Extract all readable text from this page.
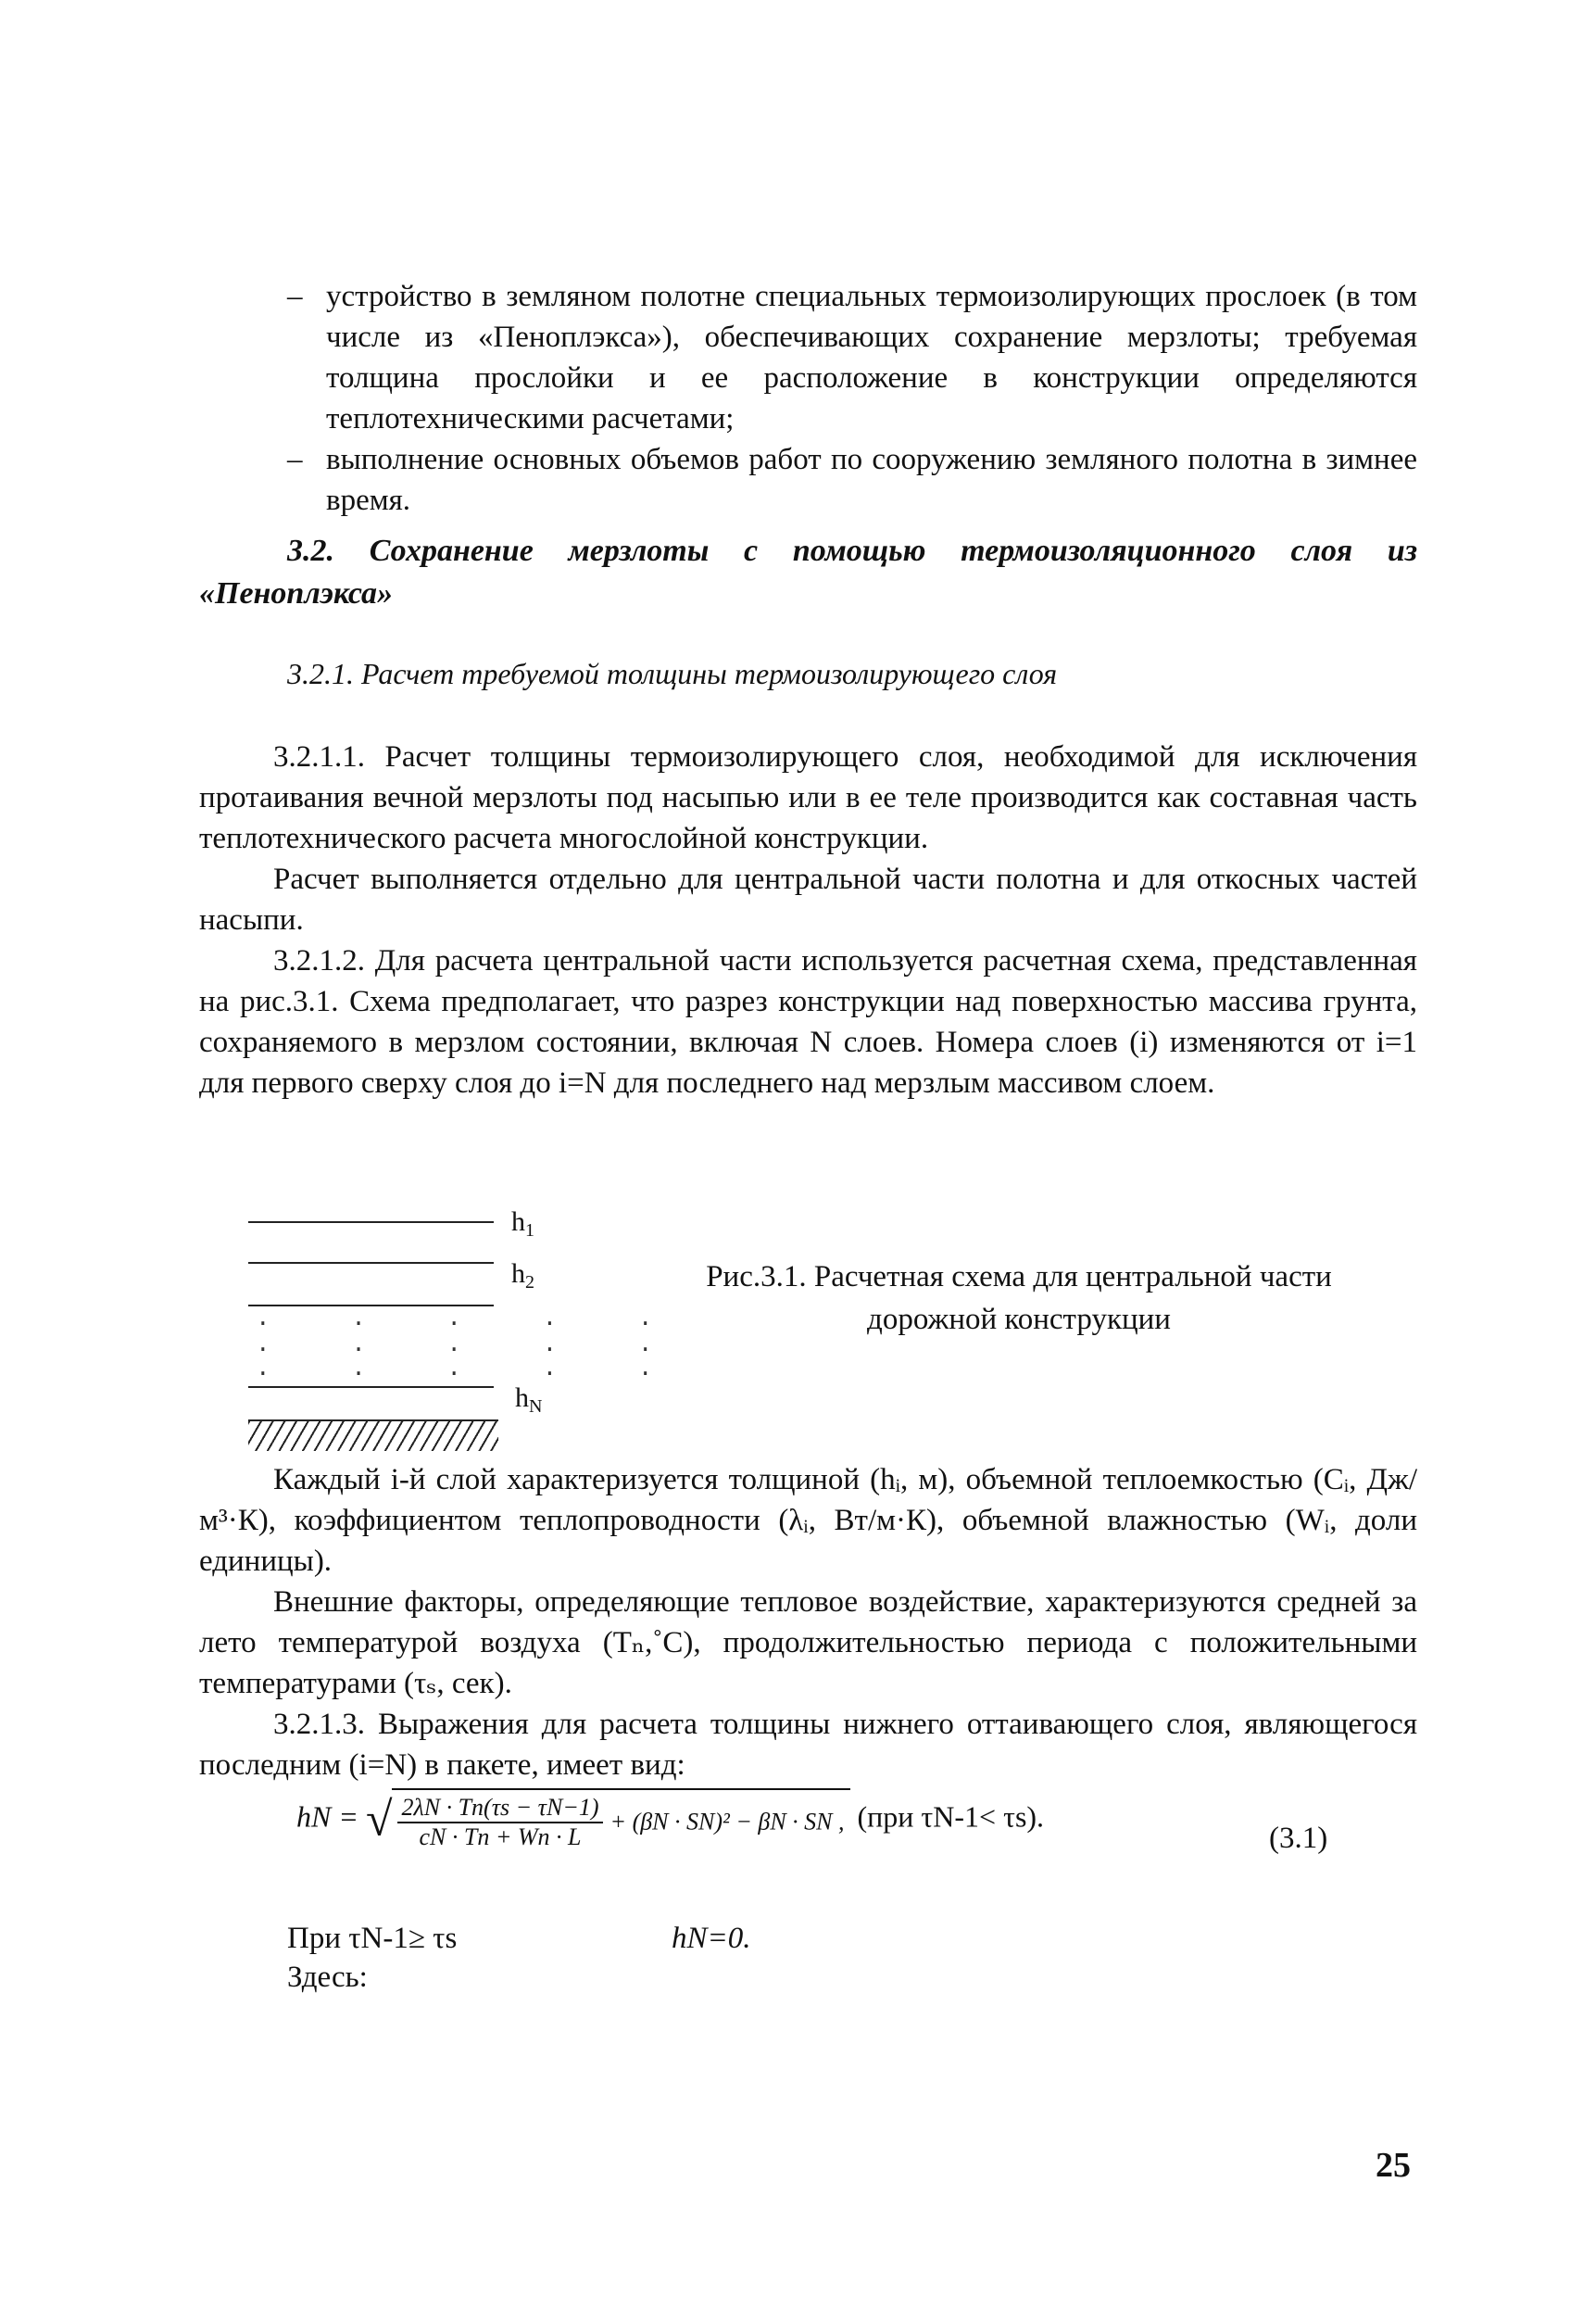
– устройство в земляном полотне специальных термоизолирующих прослоек (в том числе из «Пеноплэкса»), обеспечивающих сохранение мерзлоты; требуемая толщина прослойки и ее расположение в конструкции определяются теплотехническими расчетами;

– выполнение основных объемов работ по сооружению земляного полотна в зимнее время.

3.2. Сохранение мерзлоты с помощью термоизоляционного слоя из «Пеноплэкса»
3.2.1. Расчет требуемой толщины термоизолирующего слоя

3.2.1.1. Расчет толщины термоизолирующего слоя, необходимой для исключения протаивания вечной мерзлоты под насыпью или в ее теле производится как составная часть теплотехнического расчета многослойной конструкции.

Расчет выполняется отдельно для центральной части полотна и для откосных частей насыпи.

3.2.1.2. Для расчета центральной части используется расчетная схема, представленная на рис.3.1. Схема предполагает, что разрез конструкции над поверхностью массива грунта, сохраняемого в мерзлом состоянии, включая N слоев. Номера слоев (i) изменяются от i=1 для первого сверху слоя до i=N для последнего над мерзлым массивом слоем.

$h_1$
$h_2$
. . . . .
. . . . .
. . . . .
$h_N$
Рис.3.1. Расчетная схема для центральной части
дорожной конструкции

Каждый i-й слой характеризуется толщиной (hᵢ, м), объемной теплоемкостью (Cᵢ, Дж/м³·К), коэффициентом теплопроводности (λᵢ, Вт/м·К), объемной влажностью (Wᵢ, доли единицы).

Внешние факторы, определяющие тепловое воздействие, характеризуются средней за лето температурой воздуха (Tₙ,˚С), продолжительностью периода с положительными температурами (τₛ, сек).

3.2.1.3. Выражения для расчета толщины нижнего оттаивающего слоя, являющегося последним (i=N) в пакете, имеет вид:

hN = √ $\frac{2\lambda N \cdot Tn(\tau s - \tau N-1)}{cN \cdot Tn + Wn \cdot L} + (\beta N \cdot SN)^2 - \beta N$ · SN , (при τN-1< τs).
(3.1)
При τN-1≥ τs	hN=0.
Здесь:
25
